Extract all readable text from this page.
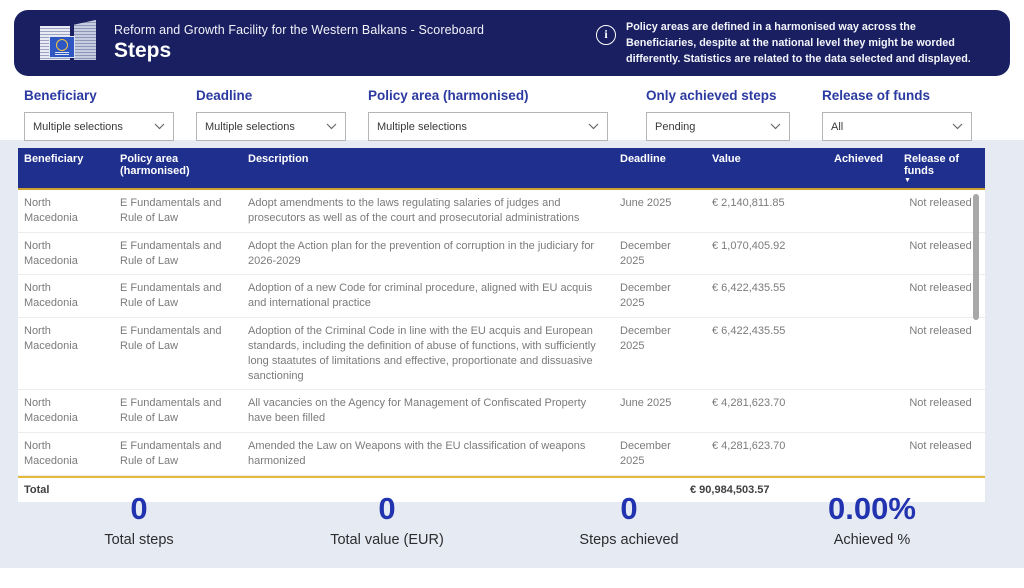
Reform and Growth Facility for the Western Balkans - Scoreboard
Steps
i
Policy areas are defined in a harmonised way across the Beneficiaries, despite at the national level they might be worded differently. Statistics are related to the data selected and displayed.
Beneficiary
Multiple selections
Deadline
Multiple selections
Policy area (harmonised)
Multiple selections
Only achieved steps
Pending
Release of funds
All
Beneficiary	Policy area (harmonised)	Description	Deadline	Value	Achieved	Release of funds
▼
North Macedonia	E Fundamentals and Rule of Law	Adopt amendments to the laws regulating salaries of judges and prosecutors as well as of the court and prosecutorial administrations	June 2025	€ 2,140,811.85		Not released
North Macedonia	E Fundamentals and Rule of Law	Adopt the Action plan for the prevention of corruption in the judiciary for 2026-2029	December 2025	€ 1,070,405.92		Not released
North Macedonia	E Fundamentals and Rule of Law	Adoption of a new Code for criminal procedure, aligned with EU acquis and international practice	December 2025	€ 6,422,435.55		Not released
North Macedonia	E Fundamentals and Rule of Law	Adoption of the Criminal Code in line with the EU acquis and European standards, including the definition of abuse of functions, with sufficiently long staatutes of limitations and effective, proportionate and dissuasive sanctioning	December 2025	€ 6,422,435.55		Not released
North Macedonia	E Fundamentals and Rule of Law	All vacancies on the Agency for Management of Confiscated Property have been filled	June 2025	€ 4,281,623.70		Not released
North Macedonia	E Fundamentals and Rule of Law	Amended the Law on Weapons with the EU classification of weapons harmonized	December 2025	€ 4,281,623.70		Not released

Total	€ 90,984,503.57
0
Total steps
0
Total value (EUR)
0
Steps achieved
0.00%
Achieved %
